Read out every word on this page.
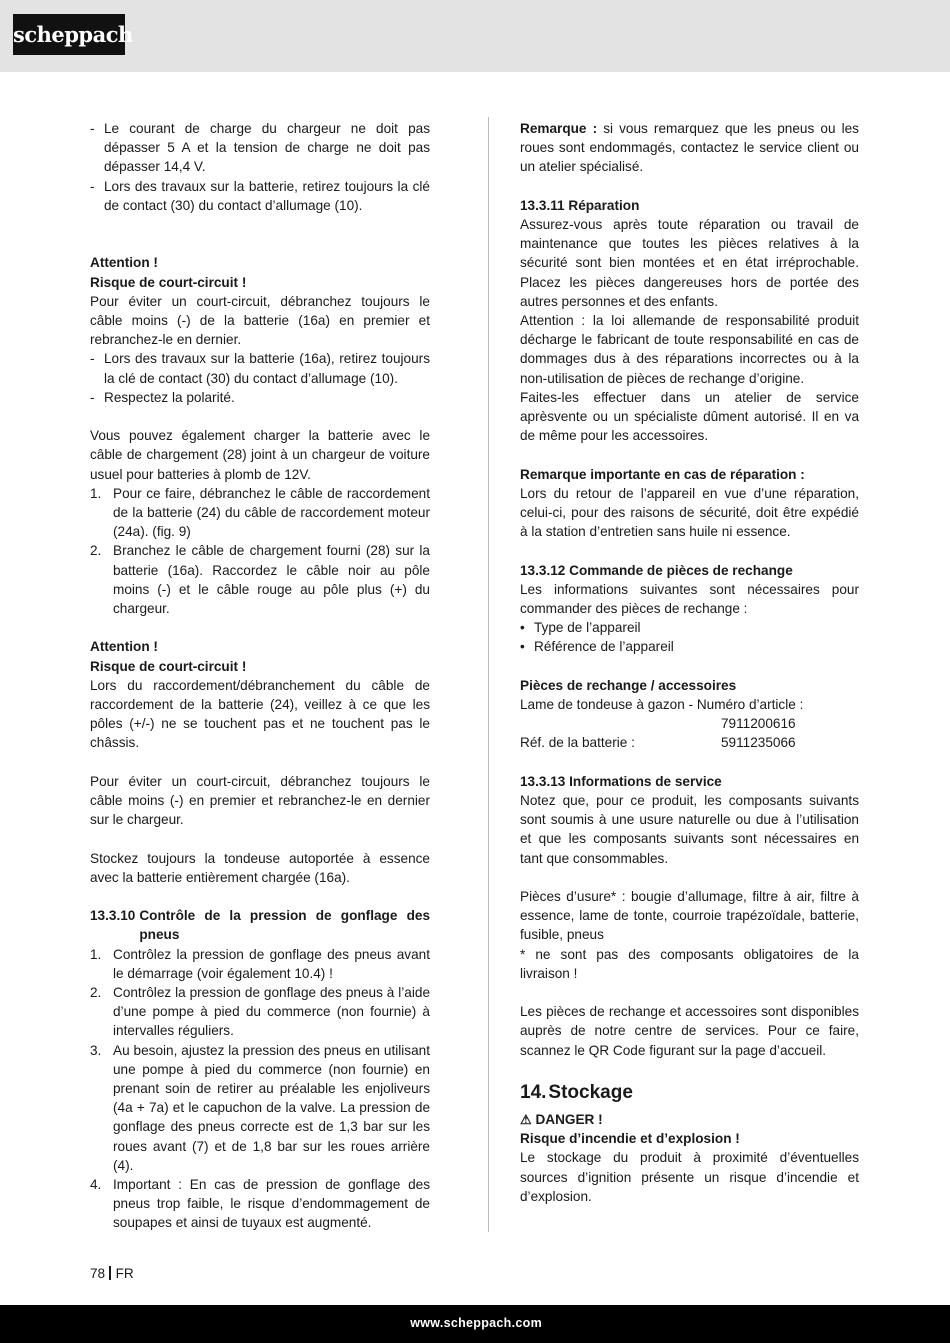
scheppach

- Le courant de charge du chargeur ne doit pas dépasser 5 A et la tension de charge ne doit pas dépasser 14,4 V.

- Lors des travaux sur la batterie, retirez toujours la clé de contact (30) du contact d’allumage (10).

Attention !

Risque de court-circuit !

Pour éviter un court-circuit, débranchez toujours le câble moins (-) de la batterie (16a) en premier et rebranchez-le en dernier.

- Lors des travaux sur la batterie (16a), retirez toujours la clé de contact (30) du contact d’allumage (10).

- Respectez la polarité.

Vous pouvez également charger la batterie avec le câble de chargement (28) joint à un chargeur de voiture usuel pour batteries à plomb de 12V.

1. Pour ce faire, débranchez le câble de raccordement de la batterie (24) du câble de raccordement moteur (24a). (fig. 9)
2. Branchez le câble de chargement fourni (28) sur la batterie (16a). Raccordez le câble noir au pôle moins (-) et le câble rouge au pôle plus (+) du chargeur.

Attention !

Risque de court-circuit !

Lors du raccordement/débranchement du câble de raccordement de la batterie (24), veillez à ce que les pôles (+/-) ne se touchent pas et ne touchent pas le châssis.

Pour éviter un court-circuit, débranchez toujours le câble moins (-) en premier et rebranchez-le en dernier sur le chargeur.

Stockez toujours la tondeuse autoportée à essence avec la batterie entièrement chargée (16a).

13.3.10 Contrôle de la pression de gonflage des pneus
1. Contrôlez la pression de gonflage des pneus avant le démarrage (voir également 10.4) !
2. Contrôlez la pression de gonflage des pneus à l’aide d’une pompe à pied du commerce (non fournie) à intervalles réguliers.
3. Au besoin, ajustez la pression des pneus en utilisant une pompe à pied du commerce (non fournie) en prenant soin de retirer au préalable les enjoliveurs (4a + 7a) et le capuchon de la valve. La pression de gonflage des pneus correcte est de 1,3 bar sur les roues avant (7) et de 1,8 bar sur les roues arrière (4).
4. Important : En cas de pression de gonflage des pneus trop faible, le risque d’endommagement de soupapes et ainsi de tuyaux est augmenté.

Remarque : si vous remarquez que les pneus ou les roues sont endommagés, contactez le service client ou un atelier spécialisé.

13.3.11 Réparation

Assurez-vous après toute réparation ou travail de maintenance que toutes les pièces relatives à la sécurité sont bien montées et en état irréprochable. Placez les pièces dangereuses hors de portée des autres personnes et des enfants.

Attention : la loi allemande de responsabilité produit décharge le fabricant de toute responsabilité en cas de dommages dus à des réparations incorrectes ou à la non-utilisation de pièces de rechange d’origine.

Faites-les effectuer dans un atelier de service aprèsvente ou un spécialiste dûment autorisé. Il en va de même pour les accessoires.

Remarque importante en cas de réparation :

Lors du retour de l’appareil en vue d’une réparation, celui-ci, pour des raisons de sécurité, doit être expédié à la station d’entretien sans huile ni essence.

13.3.12 Commande de pièces de rechange

Les informations suivantes sont nécessaires pour commander des pièces de rechange :

• Type de l’appareil

• Référence de l’appareil

Pièces de rechange / accessoires

Lame de tondeuse à gazon - Numéro d’article :

7911200616
Réf. de la batterie :	5911235066

13.3.13 Informations de service

Notez que, pour ce produit, les composants suivants sont soumis à une usure naturelle ou due à l’utilisation et que les composants suivants sont nécessaires en tant que consommables.

Pièces d’usure* : bougie d’allumage, filtre à air, filtre à essence, lame de tonte, courroie trapézoïdale, batterie, fusible, pneus

* ne sont pas des composants obligatoires de la livraison !

Les pièces de rechange et accessoires sont disponibles auprès de notre centre de services. Pour ce faire, scannez le QR Code figurant sur la page d’accueil.

14. Stockage

⚠ DANGER !

Risque d’incendie et d’explosion !

Le stockage du produit à proximité d’éventuelles sources d’ignition présente un risque d’incendie et d’explosion.

78 FR
www.scheppach.com
